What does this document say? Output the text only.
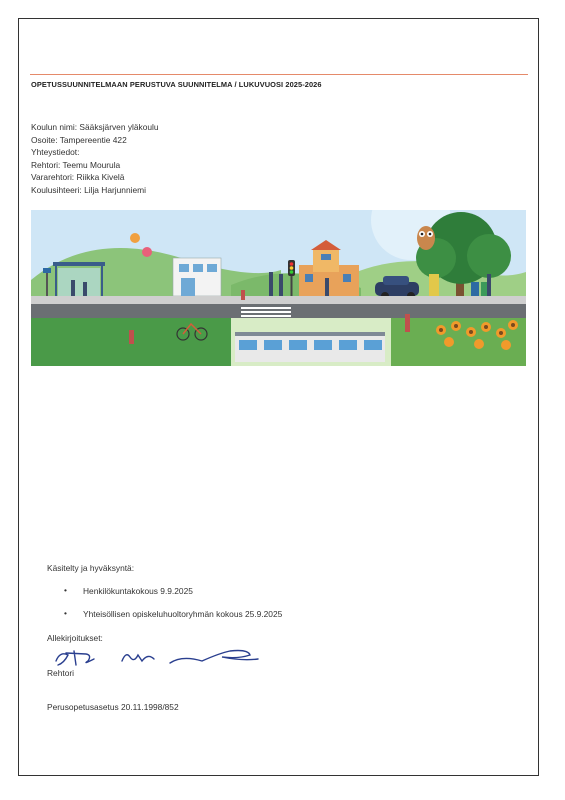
OPETUSSUUNNITELMAAN PERUSTUVA SUUNNITELMA / LUKUVUOSI 2025-2026
Koulun nimi: Sääksjärven yläkoulu
Osoite: Tampereentie 422
Yhteystiedot:
Rehtori: Teemu Mourula
Vararehtori: Riikka Kivelä
Koulusihteeri: Lilja Harjunniemi
Käsitelty ja hyväksyntä:
• Henkilökuntakokous 9.9.2025
• Yhteisöllisen opiskeluhuoltoryhmän kokous 25.9.2025
Allekirjoitukset:
Rehtori
Perusopetusasetus 20.11.1998/852
